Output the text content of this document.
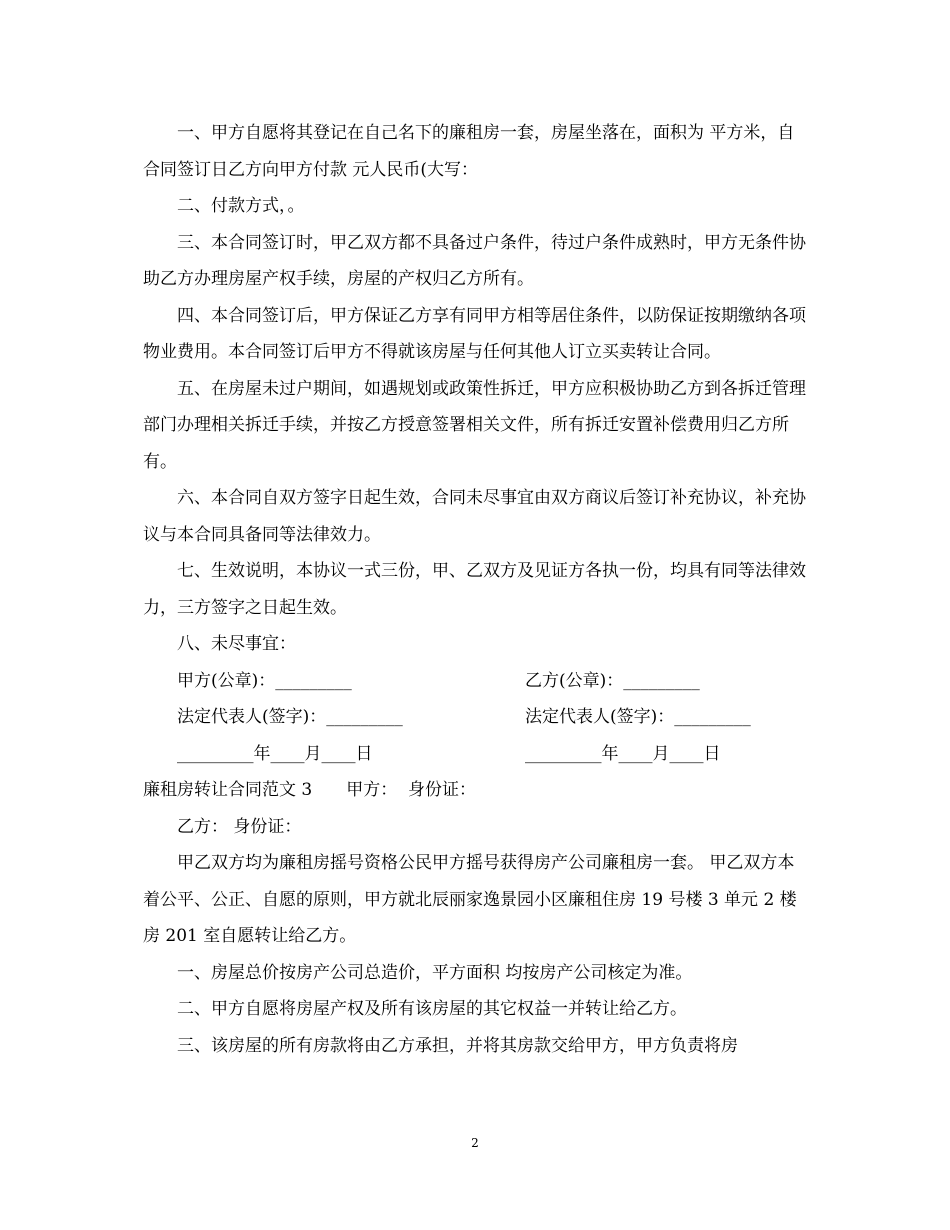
一、甲方自愿将其登记在自己名下的廉租房一套，房屋坐落在，面积为 平方米，自合同签订日乙方向甲方付款 元人民币(大写：

二、付款方式，。

三、本合同签订时，甲乙双方都不具备过户条件，待过户条件成熟时，甲方无条件协助乙方办理房屋产权手续，房屋的产权归乙方所有。

四、本合同签订后，甲方保证乙方享有同甲方相等居住条件，以防保证按期缴纳各项物业费用。本合同签订后甲方不得就该房屋与任何其他人订立买卖转让合同。

五、在房屋未过户期间，如遇规划或政策性拆迁，甲方应积极协助乙方到各拆迁管理部门办理相关拆迁手续，并按乙方授意签署相关文件，所有拆迁安置补偿费用归乙方所有。

六、本合同自双方签字日起生效，合同未尽事宜由双方商议后签订补充协议，补充协议与本合同具备同等法律效力。

七、生效说明，本协议一式三份，甲、乙双方及见证方各执一份，均具有同等法律效力，三方签字之日起生效。

八、未尽事宜：

甲方(公章)：_________	乙方(公章)：_________
法定代表人(签字)：_________	法定代表人(签字)：_________
_________年____月____日	_________年____月____日
廉租房转让合同范文 3 甲方：  身份证：

乙方： 身份证：

甲乙双方均为廉租房摇号资格公民甲方摇号获得房产公司廉租房一套。 甲乙双方本着公平、公正、自愿的原则，甲方就北辰丽家逸景园小区廉租住房 19 号楼 3 单元 2 楼房 201 室自愿转让给乙方。

一、房屋总价按房产公司总造价，平方面积 均按房产公司核定为准。

二、甲方自愿将房屋产权及所有该房屋的其它权益一并转让给乙方。

三、该房屋的所有房款将由乙方承担，并将其房款交给甲方，甲方负责将房

2
